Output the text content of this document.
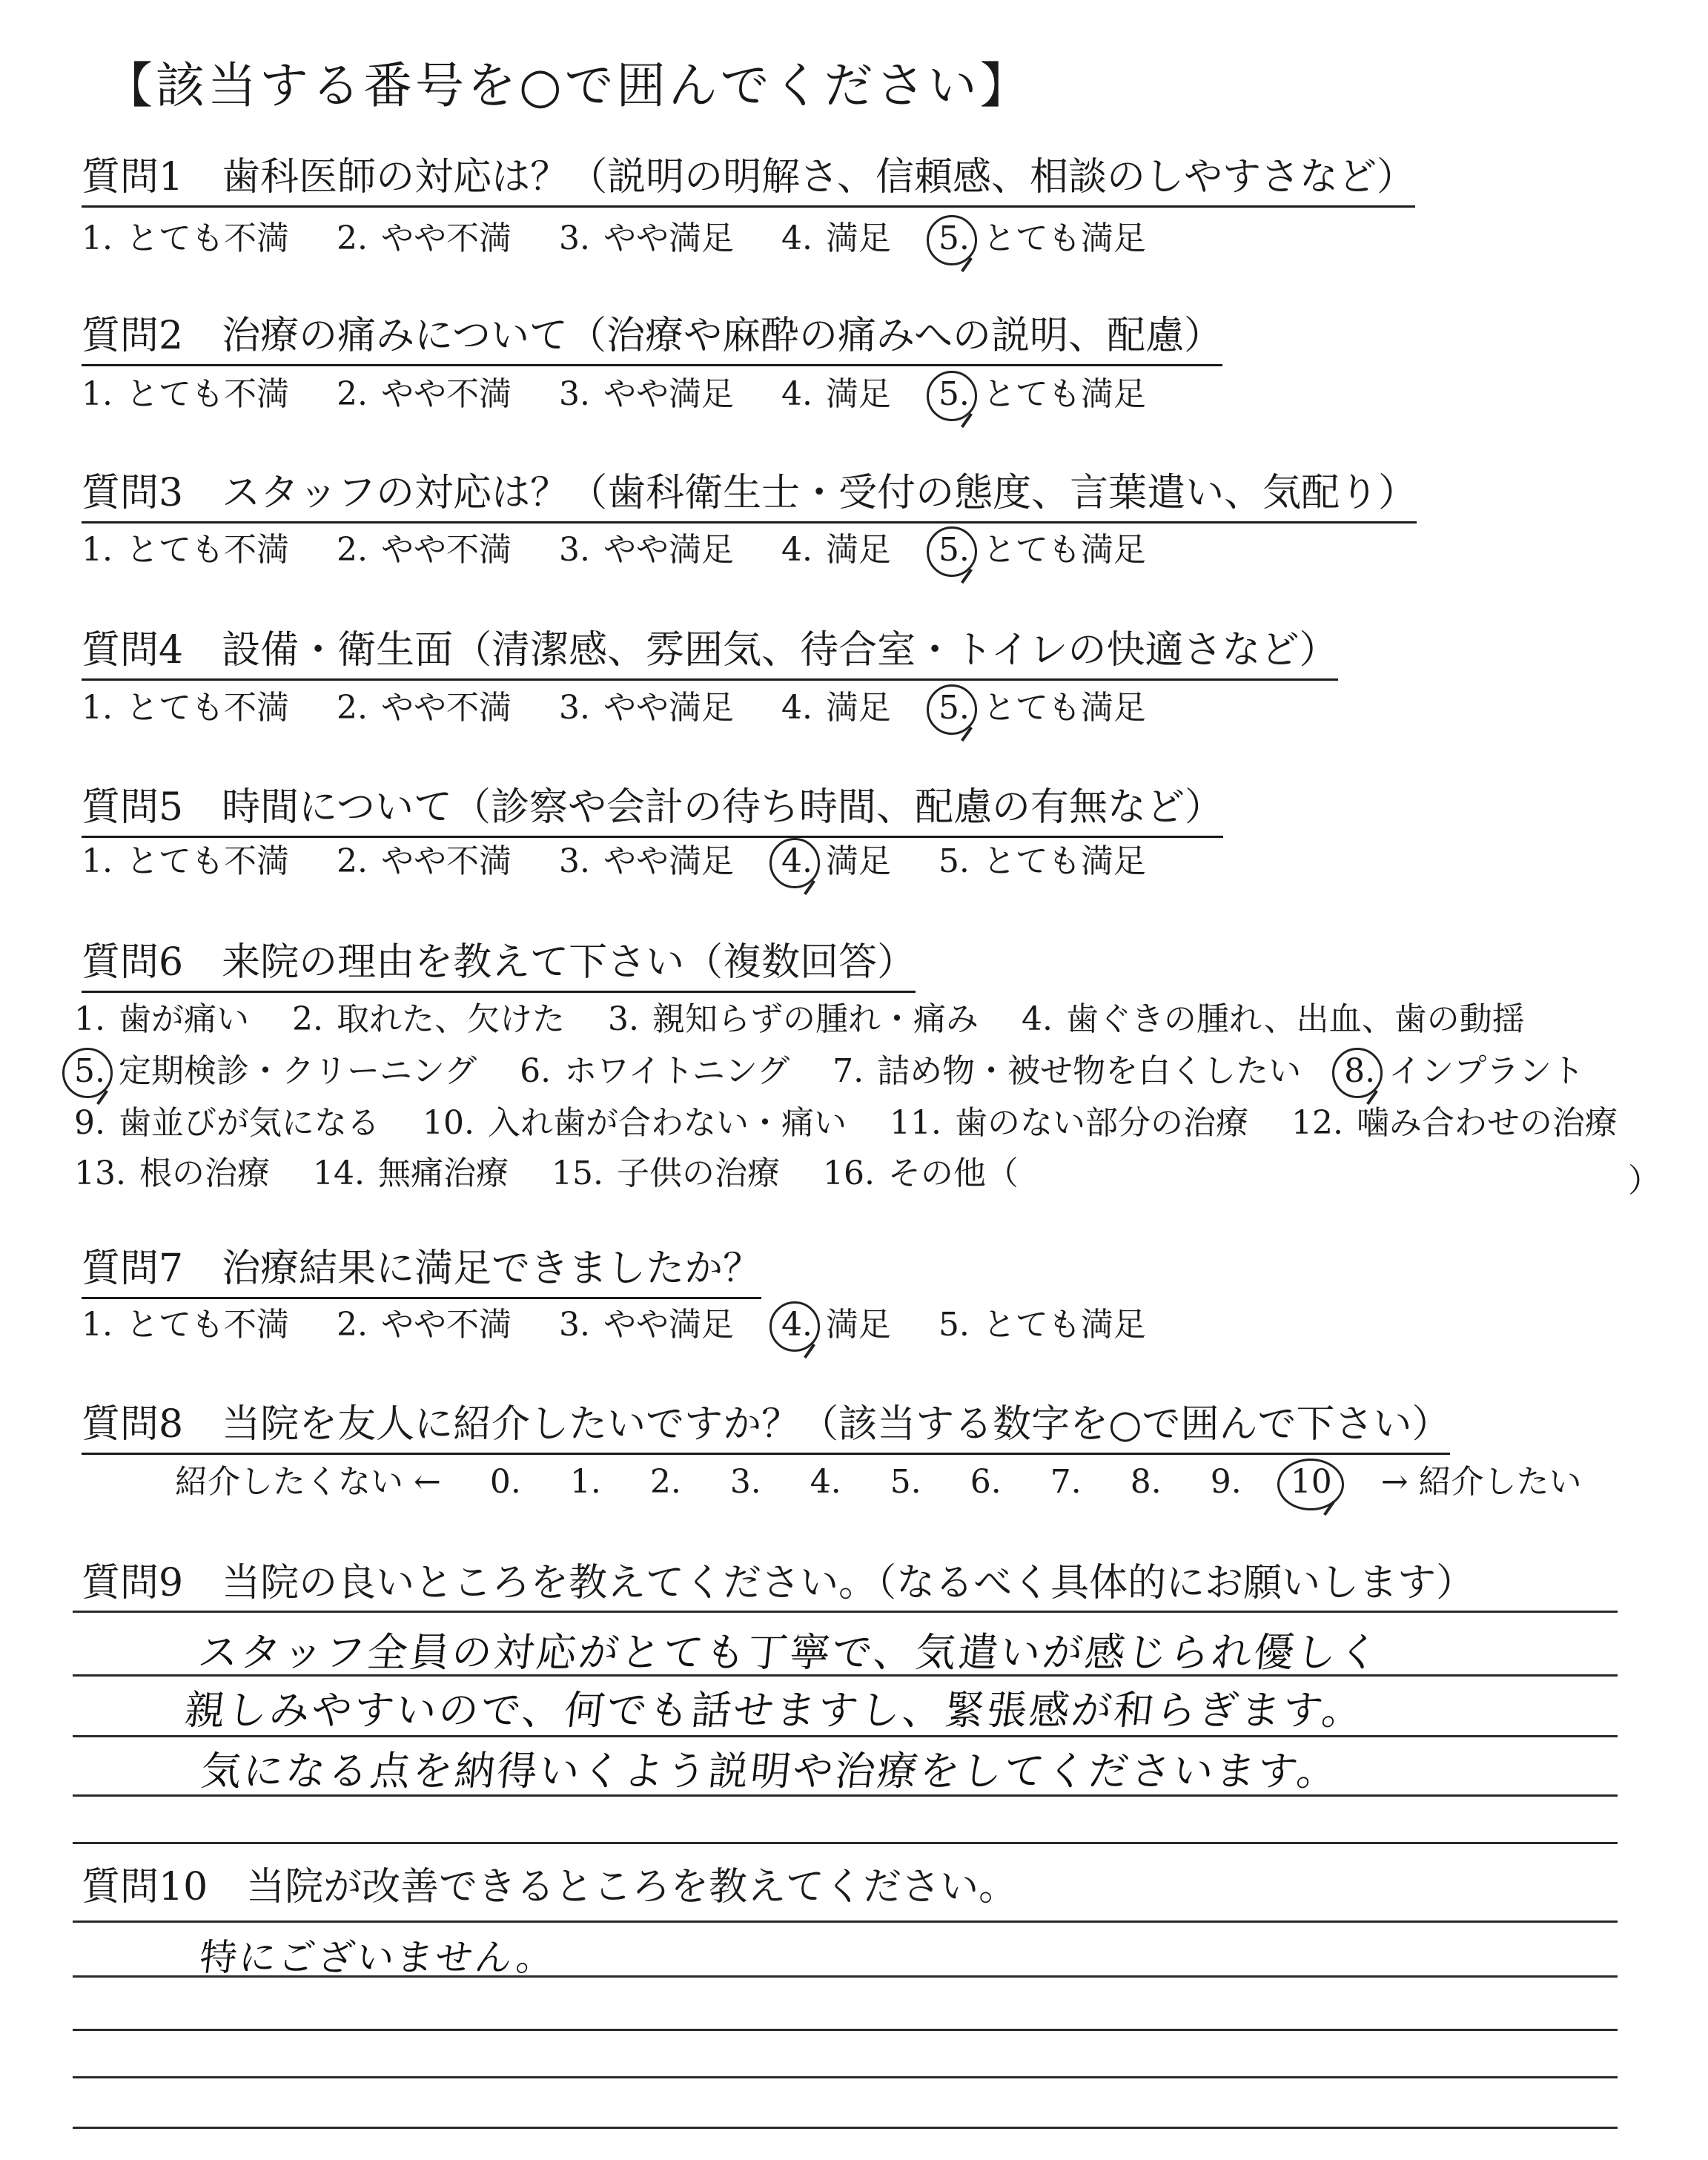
【該当する番号を○で囲んでください】
質問1 歯科医師の対応は？（説明の明解さ、信頼感、相談のしやすさなど）
1. とても不満 2. やや不満 3. やや満足 4. 満足 5. とても満足
質問2 治療の痛みについて（治療や麻酔の痛みへの説明、配慮）
1. とても不満 2. やや不満 3. やや満足 4. 満足 5. とても満足
質問3 スタッフの対応は？（歯科衛生士・受付の態度、言葉遣い、気配り）
1. とても不満 2. やや不満 3. やや満足 4. 満足 5. とても満足
質問4 設備・衛生面（清潔感、雰囲気、待合室・トイレの快適さなど）
1. とても不満 2. やや不満 3. やや満足 4. 満足 5. とても満足
質問5 時間について（診察や会計の待ち時間、配慮の有無など）
1. とても不満 2. やや不満 3. やや満足 4. 満足 5. とても満足
質問6 来院の理由を教えて下さい（複数回答）
1. 歯が痛い 2. 取れた、欠けた 3. 親知らずの腫れ・痛み 4. 歯ぐきの腫れ、出血、歯の動揺
5. 定期検診・クリーニング 6. ホワイトニング 7. 詰め物・被せ物を白くしたい 8. インプラント
9. 歯並びが気になる 10. 入れ歯が合わない・痛い 11. 歯のない部分の治療 12. 噛み合わせの治療
13. 根の治療 14. 無痛治療 15. 子供の治療 16. その他（	）
質問7 治療結果に満足できましたか？
1. とても不満 2. やや不満 3. やや満足 4. 満足 5. とても満足
質問8 当院を友人に紹介したいですか？（該当する数字を○で囲んで下さい）
紹介したくない ← 0. 1. 2. 3. 4. 5. 6. 7. 8. 9. 10 → 紹介したい
質問9 当院の良いところを教えてください。（なるべく具体的にお願いします）
スタッフ全員の対応がとても丁寧で、気遣いが感じられ優しく
親しみやすいので、何でも話せますし、緊張感が和らぎます。
気になる点を納得いくよう説明や治療をしてくださいます。
質問10 当院が改善できるところを教えてください。
特にございません。
